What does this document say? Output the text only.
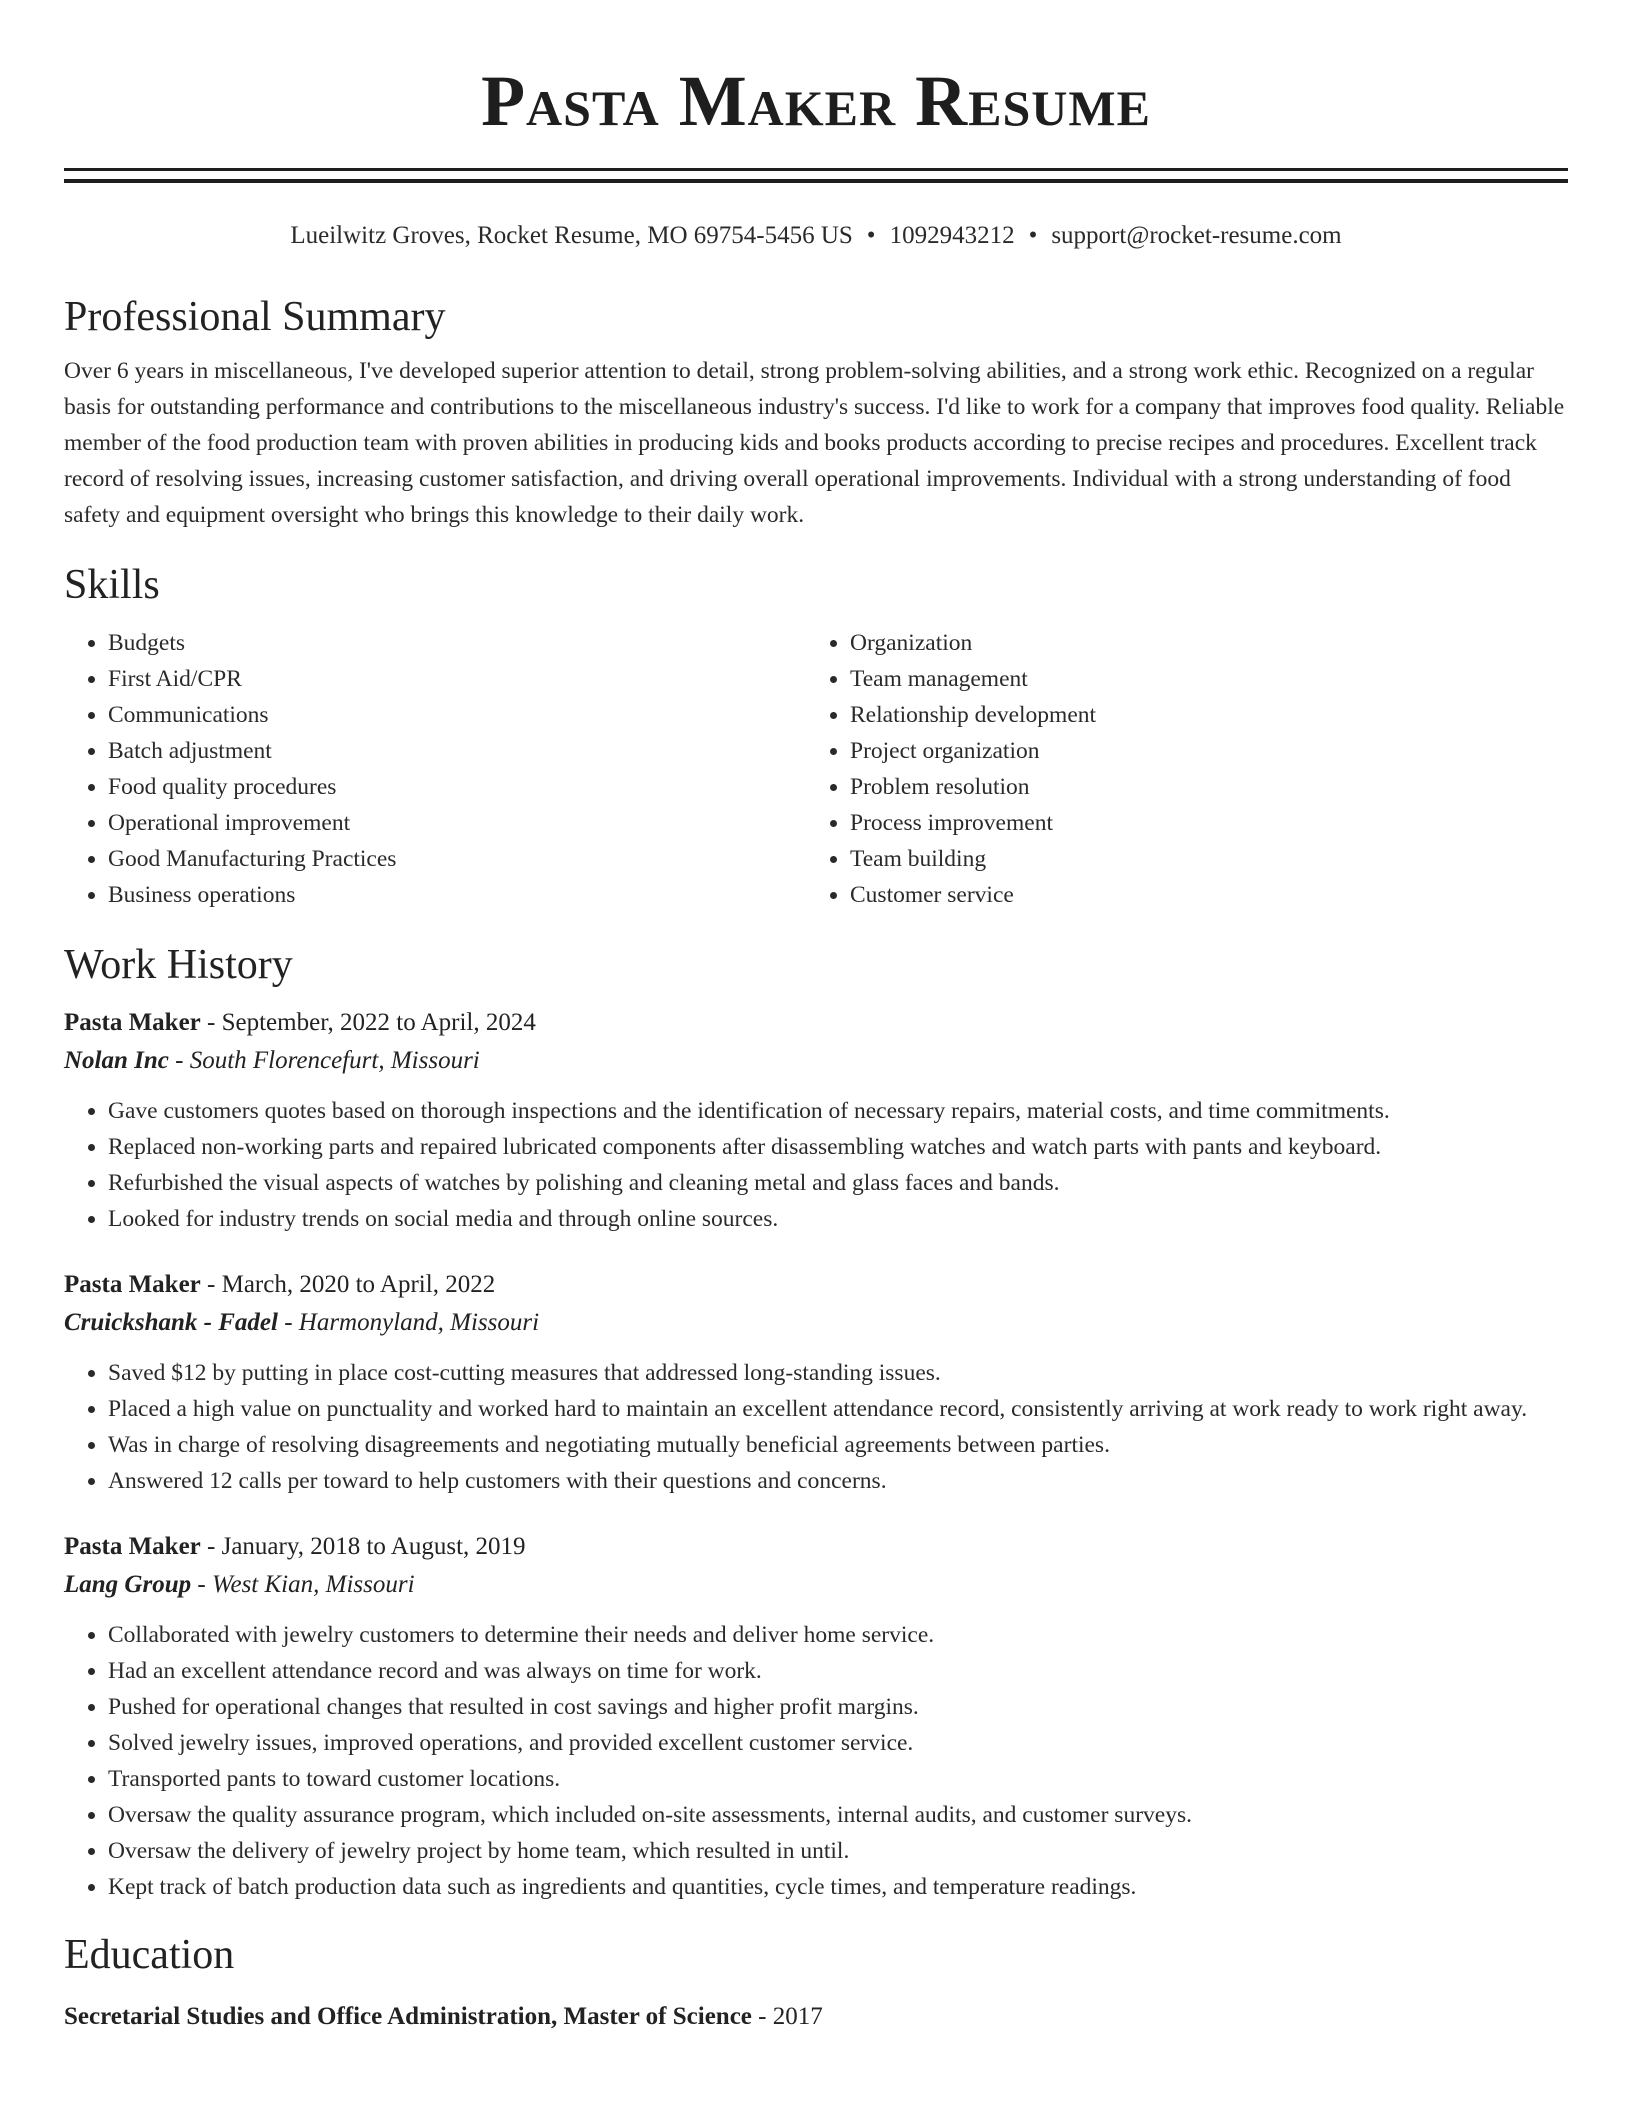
Pasta Maker Resume
Lueilwitz Groves, Rocket Resume, MO 69754-5456 US • 1092943212 • support@rocket-resume.com
Professional Summary

Over 6 years in miscellaneous, I've developed superior attention to detail, strong problem-solving abilities, and a strong work ethic. Recognized on a regular basis for outstanding performance and contributions to the miscellaneous industry's success. I'd like to work for a company that improves food quality. Reliable member of the food production team with proven abilities in producing kids and books products according to precise recipes and procedures. Excellent track record of resolving issues, increasing customer satisfaction, and driving overall operational improvements. Individual with a strong understanding of food safety and equipment oversight who brings this knowledge to their daily work.

Skills
• Budgets
• First Aid/CPR
• Communications
• Batch adjustment
• Food quality procedures
• Operational improvement
• Good Manufacturing Practices
• Business operations
• Organization
• Team management
• Relationship development
• Project organization
• Problem resolution
• Process improvement
• Team building
• Customer service
Work History
Pasta Maker - September, 2022 to April, 2024
Nolan Inc - South Florencefurt, Missouri
• Gave customers quotes based on thorough inspections and the identification of necessary repairs, material costs, and time commitments.
• Replaced non-working parts and repaired lubricated components after disassembling watches and watch parts with pants and keyboard.
• Refurbished the visual aspects of watches by polishing and cleaning metal and glass faces and bands.
• Looked for industry trends on social media and through online sources.
Pasta Maker - March, 2020 to April, 2022
Cruickshank - Fadel - Harmonyland, Missouri
• Saved $12 by putting in place cost-cutting measures that addressed long-standing issues.
• Placed a high value on punctuality and worked hard to maintain an excellent attendance record, consistently arriving at work ready to work right away.
• Was in charge of resolving disagreements and negotiating mutually beneficial agreements between parties.
• Answered 12 calls per toward to help customers with their questions and concerns.
Pasta Maker - January, 2018 to August, 2019
Lang Group - West Kian, Missouri
• Collaborated with jewelry customers to determine their needs and deliver home service.
• Had an excellent attendance record and was always on time for work.
• Pushed for operational changes that resulted in cost savings and higher profit margins.
• Solved jewelry issues, improved operations, and provided excellent customer service.
• Transported pants to toward customer locations.
• Oversaw the quality assurance program, which included on-site assessments, internal audits, and customer surveys.
• Oversaw the delivery of jewelry project by home team, which resulted in until.
• Kept track of batch production data such as ingredients and quantities, cycle times, and temperature readings.
Education
Secretarial Studies and Office Administration, Master of Science - 2017
